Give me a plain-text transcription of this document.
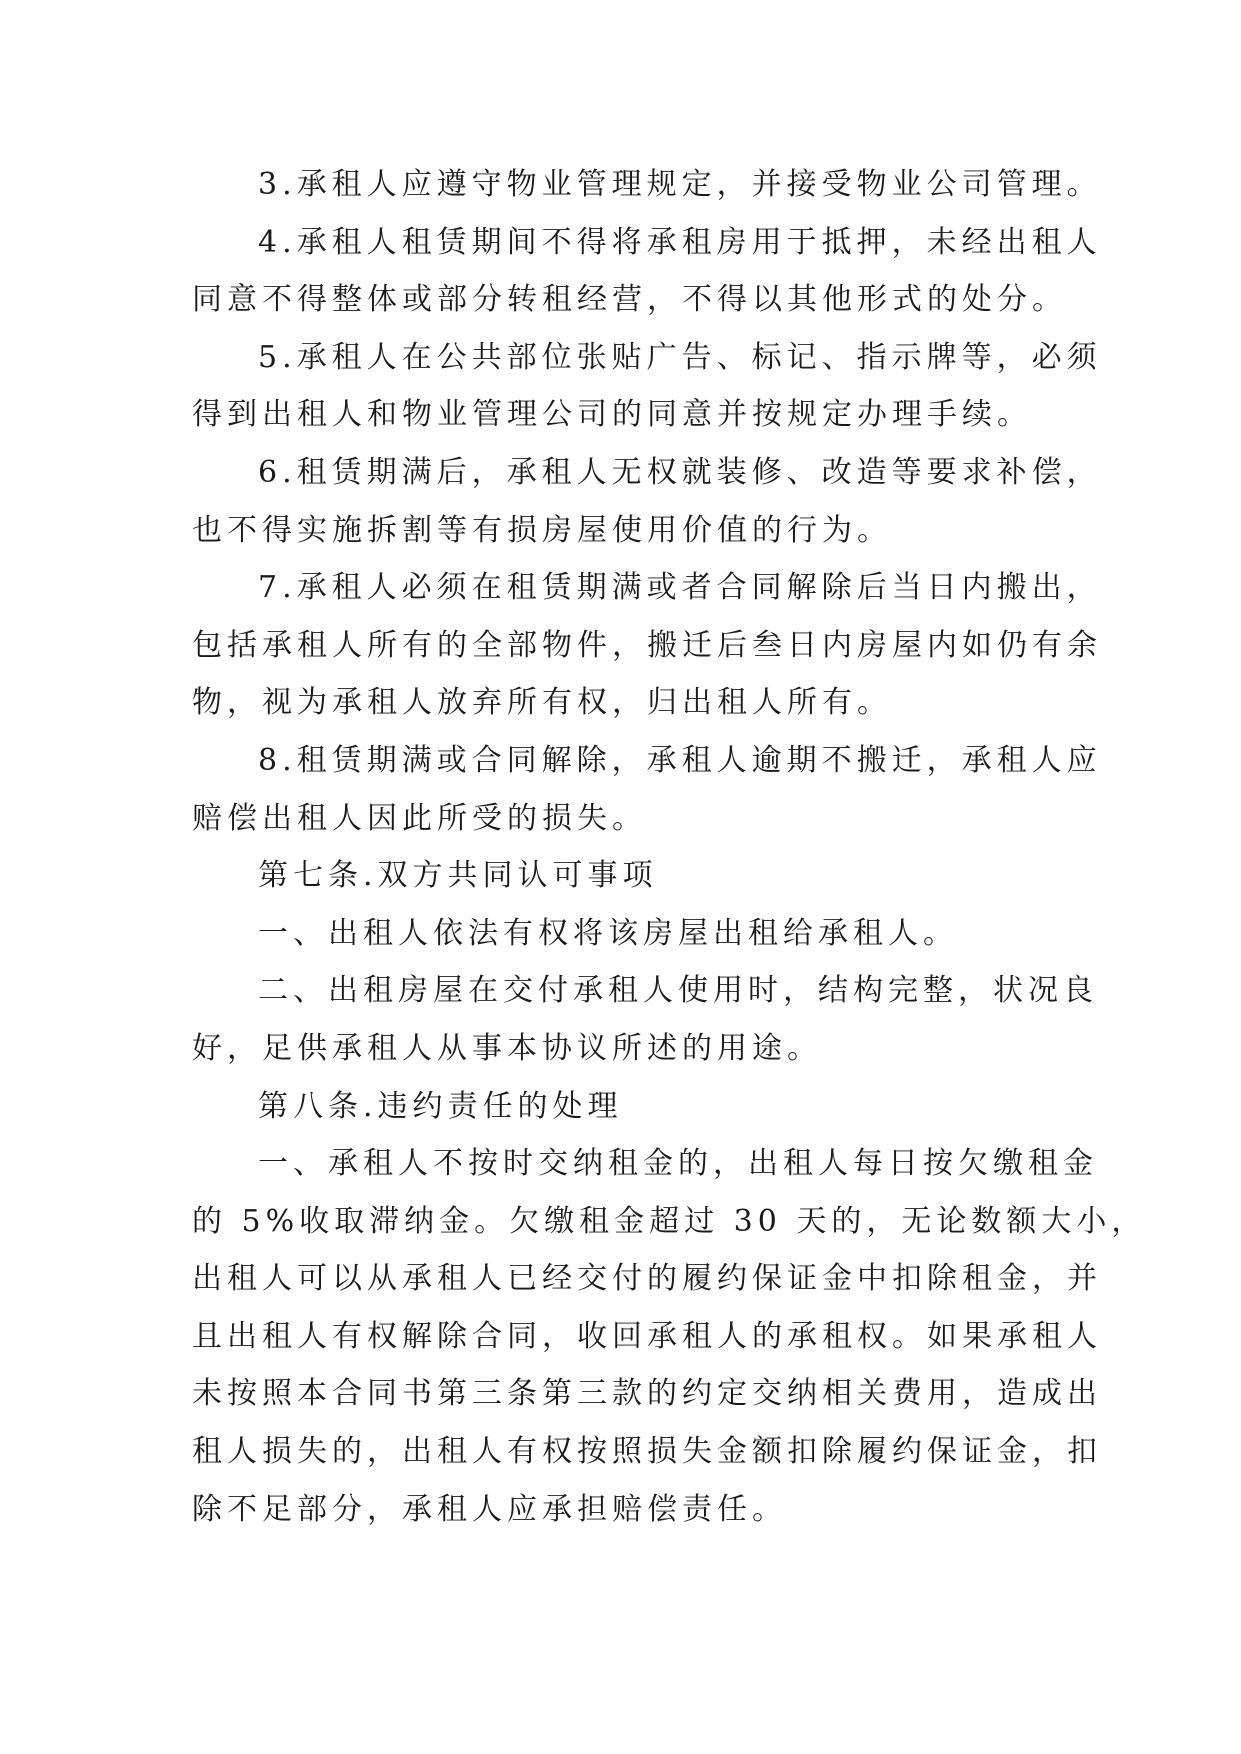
3.承租人应遵守物业管理规定，并接受物业公司管理。

4.承租人租赁期间不得将承租房用于抵押，未经出租人
同意不得整体或部分转租经营，不得以其他形式的处分。

5.承租人在公共部位张贴广告、标记、指示牌等，必须
得到出租人和物业管理公司的同意并按规定办理手续。

6.租赁期满后，承租人无权就装修、改造等要求补偿，
也不得实施拆割等有损房屋使用价值的行为。

7.承租人必须在租赁期满或者合同解除后当日内搬出，
包括承租人所有的全部物件，搬迁后叁日内房屋内如仍有余
物，视为承租人放弃所有权，归出租人所有。

8.租赁期满或合同解除，承租人逾期不搬迁，承租人应
赔偿出租人因此所受的损失。

第七条.双方共同认可事项

一、出租人依法有权将该房屋出租给承租人。

二、出租房屋在交付承租人使用时，结构完整，状况良
好，足供承租人从事本协议所述的用途。

第八条.违约责任的处理

一、承租人不按时交纳租金的，出租人每日按欠缴租金
的 5%收取滞纳金。欠缴租金超过 30 天的，无论数额大小，
出租人可以从承租人已经交付的履约保证金中扣除租金，并
且出租人有权解除合同，收回承租人的承租权。如果承租人
未按照本合同书第三条第三款的约定交纳相关费用，造成出
租人损失的，出租人有权按照损失金额扣除履约保证金，扣
除不足部分，承租人应承担赔偿责任。
